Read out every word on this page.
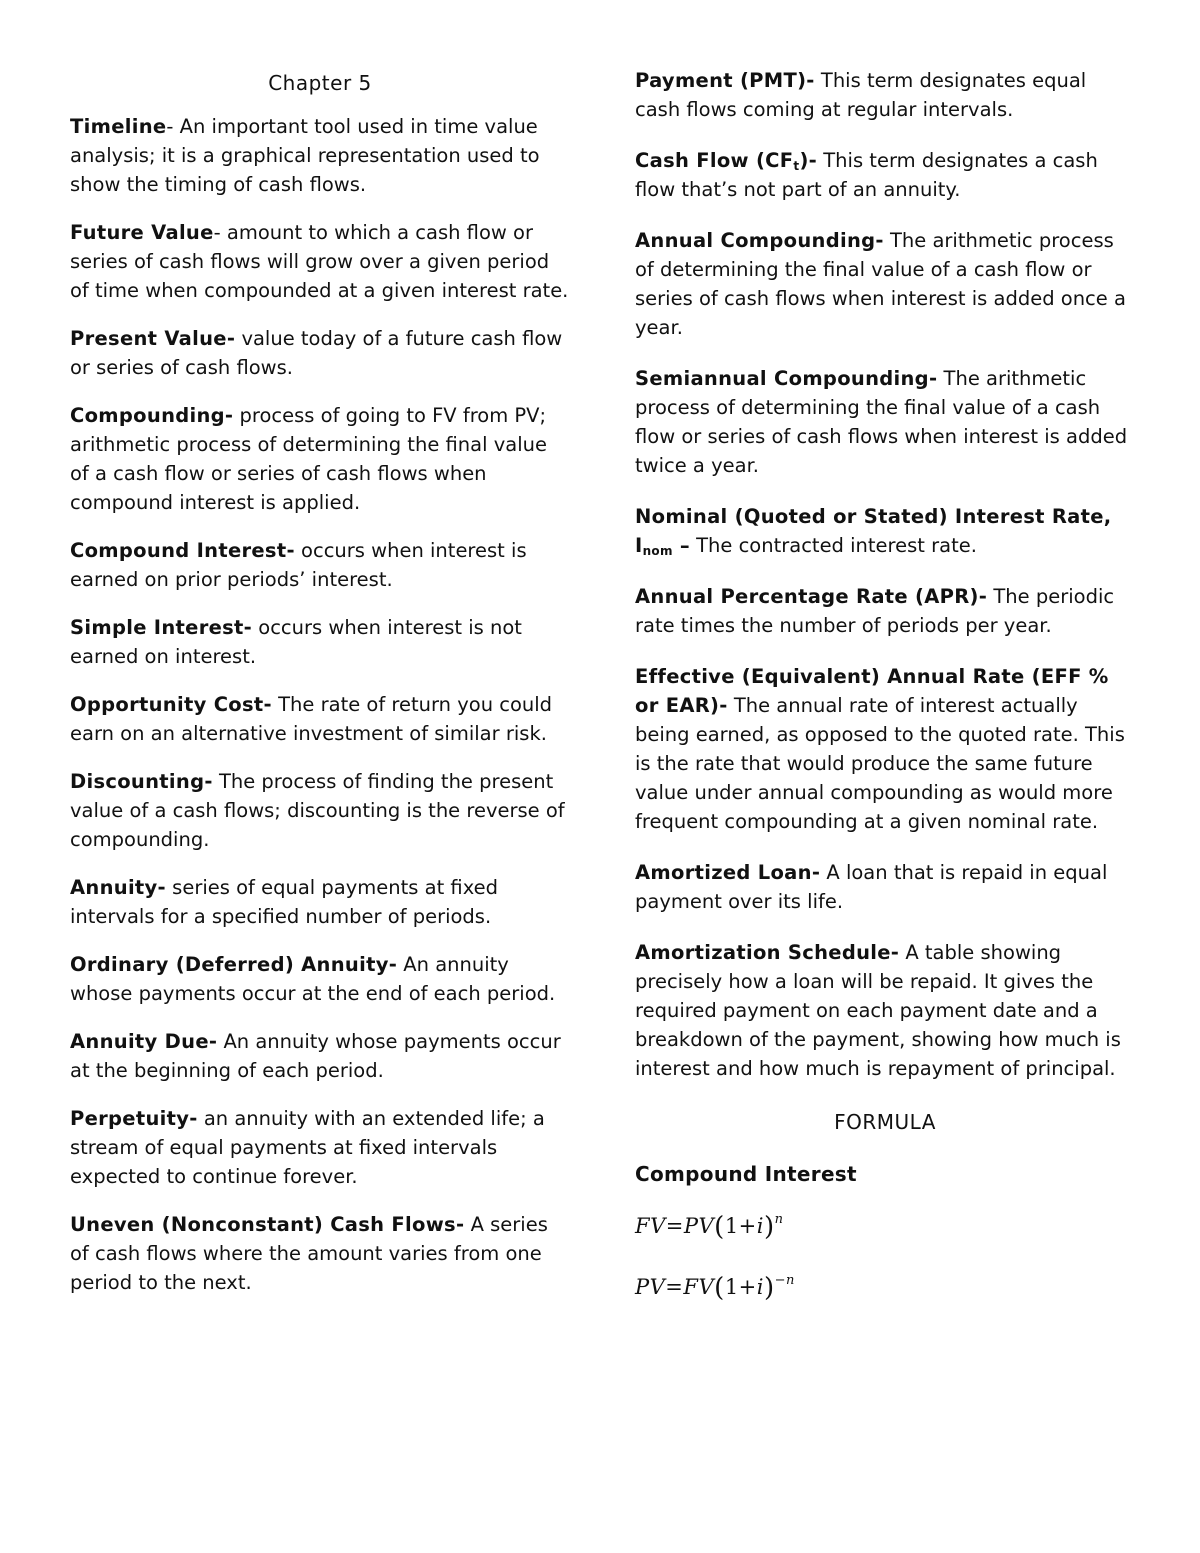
Chapter 5

Timeline- An important tool used in time value analysis; it is a graphical representation used to show the timing of cash flows.

Future Value- amount to which a cash flow or series of cash flows will grow over a given period of time when compounded at a given interest rate.

Present Value- value today of a future cash flow or series of cash flows.

Compounding- process of going to FV from PV; arithmetic process of determining the final value of a cash flow or series of cash flows when compound interest is applied.

Compound Interest- occurs when interest is earned on prior periods’ interest.

Simple Interest- occurs when interest is not earned on interest.

Opportunity Cost- The rate of return you could earn on an alternative investment of similar risk.

Discounting- The process of finding the present value of a cash flows; discounting is the reverse of compounding.

Annuity- series of equal payments at fixed intervals for a specified number of periods.

Ordinary (Deferred) Annuity- An annuity whose payments occur at the end of each period.

Annuity Due- An annuity whose payments occur at the beginning of each period.

Perpetuity- an annuity with an extended life; a stream of equal payments at fixed intervals expected to continue forever.

Uneven (Nonconstant) Cash Flows- A series of cash flows where the amount varies from one period to the next.

Payment (PMT)- This term designates equal cash flows coming at regular intervals.

Cash Flow $(CF_t)-$ This term designates a cash flow that’s not part of an annuity.

Annual Compounding- The arithmetic process of determining the final value of a cash flow or series of cash flows when interest is added once a year.

Semiannual Compounding- The arithmetic process of determining the final value of a cash flow or series of cash flows when interest is added twice a year.

Nominal (Quoted or Stated) Interest Rate, $I_{nom}$ – The contracted interest rate.

Annual Percentage Rate (APR)- The periodic rate times the number of periods per year.

Effective (Equivalent) Annual Rate (EFF % or EAR)- The annual rate of interest actually being earned, as opposed to the quoted rate. This is the rate that would produce the same future value under annual compounding as would more frequent compounding at a given nominal rate.

Amortized Loan- A loan that is repaid in equal payment over its life.

Amortization Schedule- A table showing precisely how a loan will be repaid. It gives the required payment on each payment date and a breakdown of the payment, showing how much is interest and how much is repayment of principal.

FORMULA
Compound Interest
$FV=PV(1+i)^n$
$PV=FV(1+i)^{-n}$
